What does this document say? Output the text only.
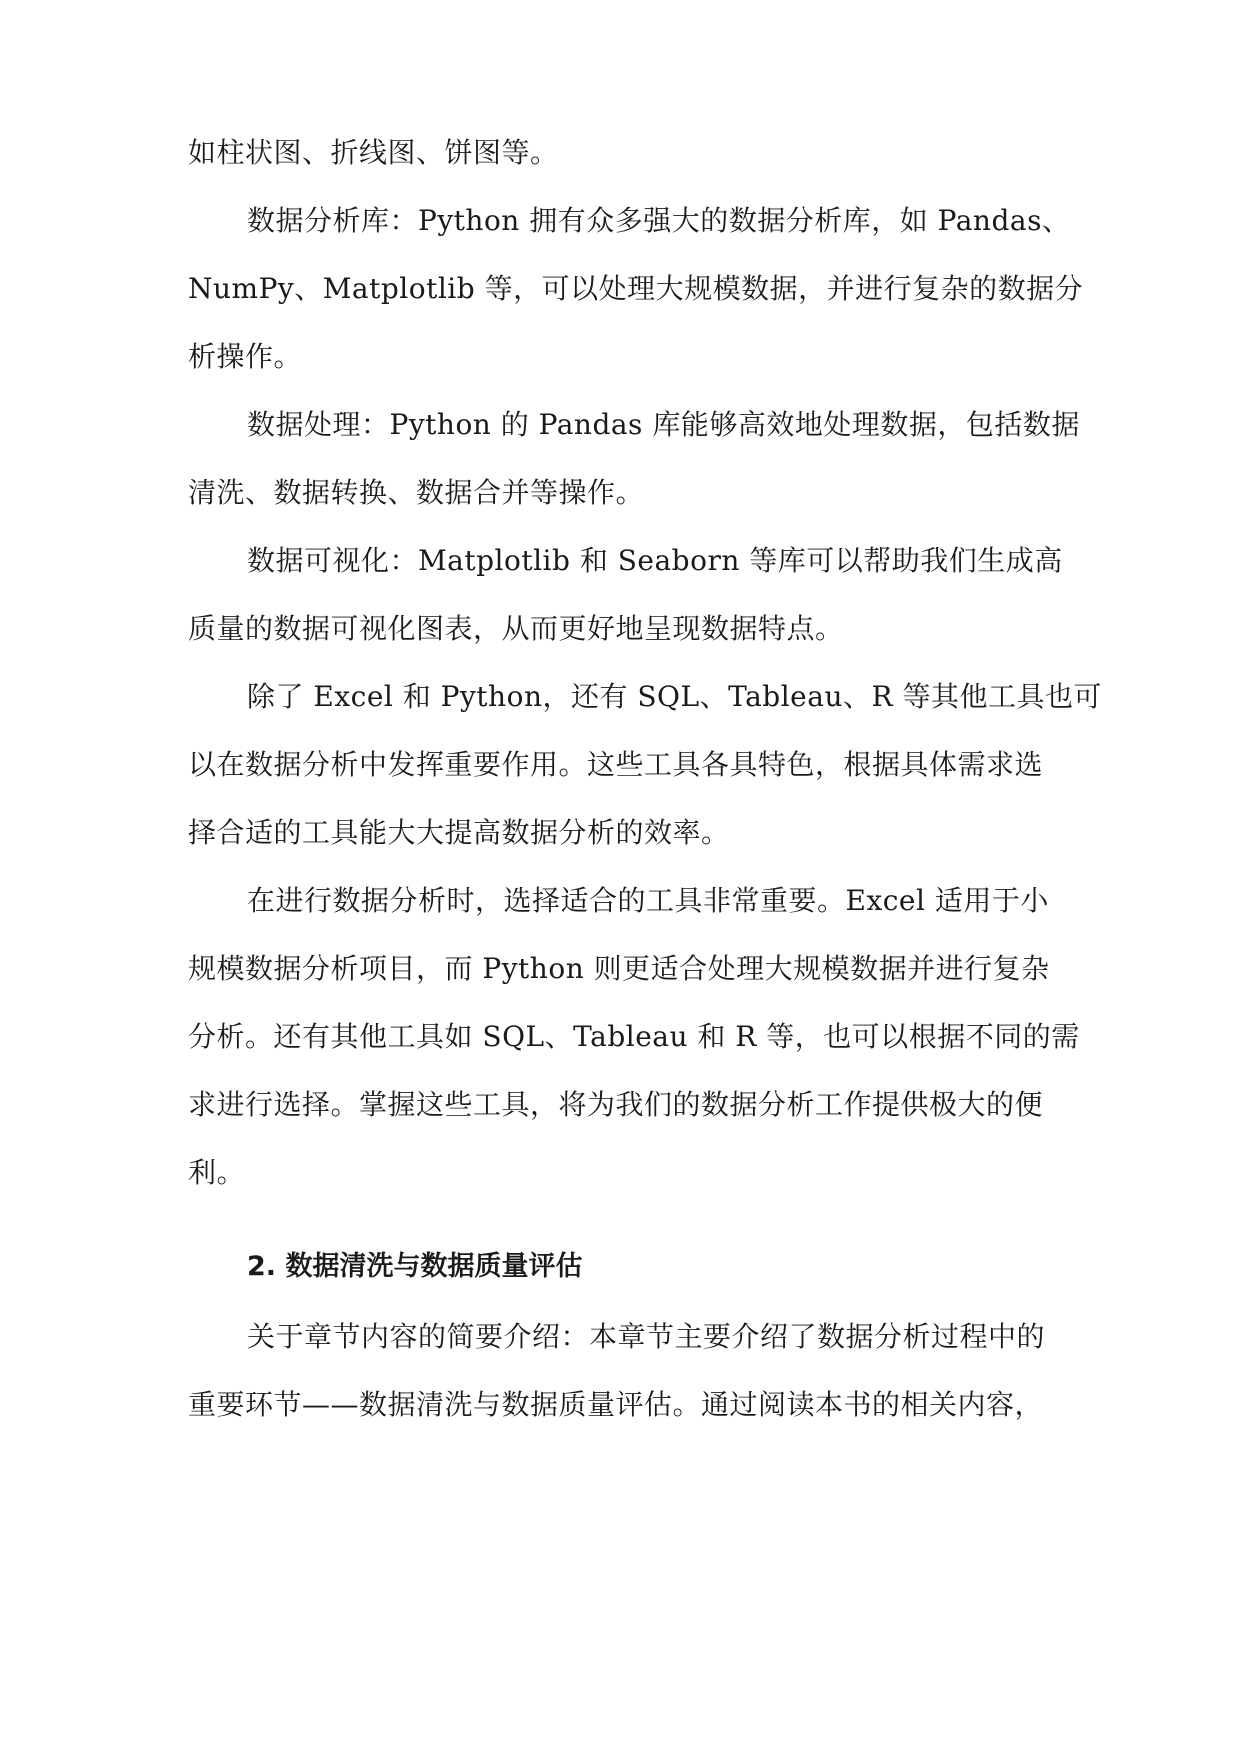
如柱状图、折线图、饼图等。
数据分析库：Python 拥有众多强大的数据分析库，如 Pandas、
NumPy、Matplotlib 等，可以处理大规模数据，并进行复杂的数据分
析操作。
数据处理：Python 的 Pandas 库能够高效地处理数据，包括数据
清洗、数据转换、数据合并等操作。
数据可视化：Matplotlib 和 Seaborn 等库可以帮助我们生成高
质量的数据可视化图表，从而更好地呈现数据特点。
除了 Excel 和 Python，还有 SQL、Tableau、R 等其他工具也可
以在数据分析中发挥重要作用。这些工具各具特色，根据具体需求选
择合适的工具能大大提高数据分析的效率。
在进行数据分析时，选择适合的工具非常重要。Excel 适用于小
规模数据分析项目，而 Python 则更适合处理大规模数据并进行复杂
分析。还有其他工具如 SQL、Tableau 和 R 等，也可以根据不同的需
求进行选择。掌握这些工具，将为我们的数据分析工作提供极大的便
利。
2. 数据清洗与数据质量评估
关于章节内容的简要介绍：本章节主要介绍了数据分析过程中的
重要环节——数据清洗与数据质量评估。通过阅读本书的相关内容，
